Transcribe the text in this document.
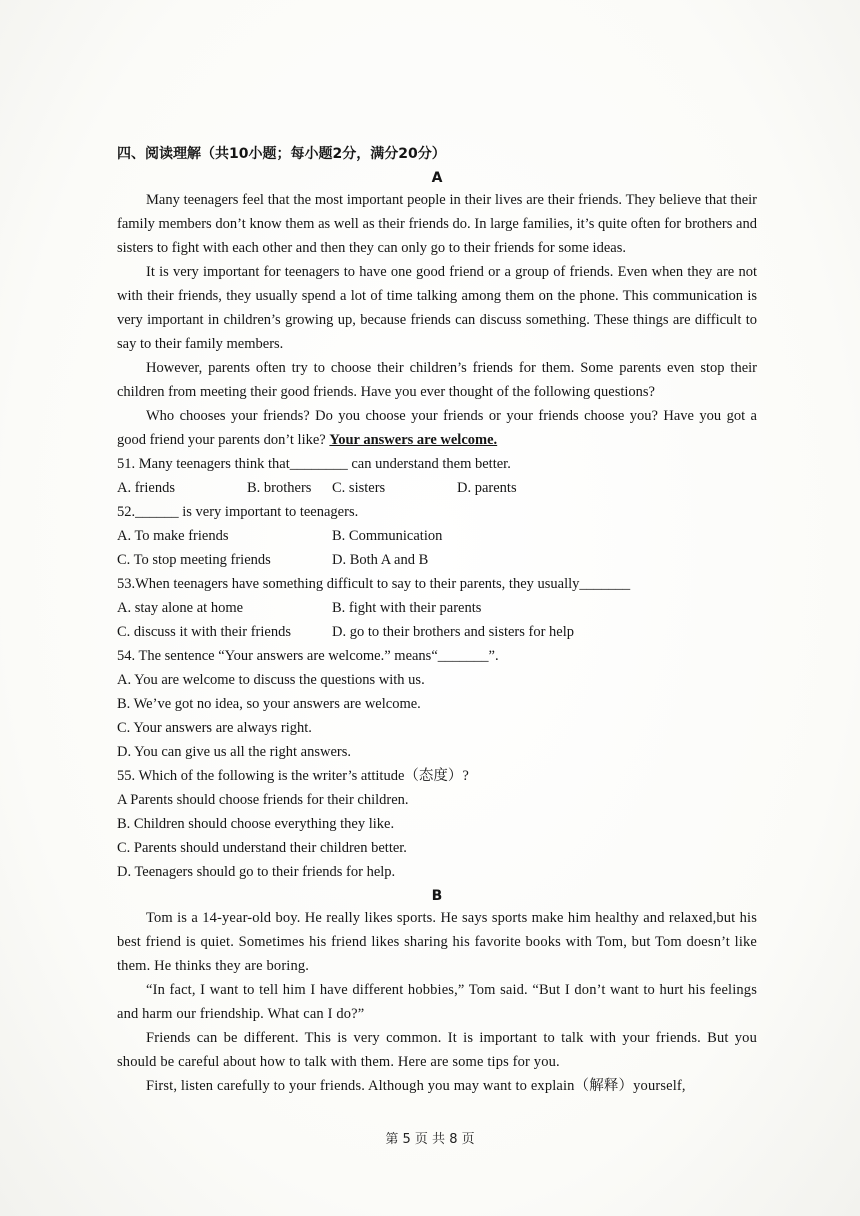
四、阅读理解（共10小题；每小题2分，满分20分）
A

Many teenagers feel that the most important people in their lives are their friends. They believe that their family members don’t know them as well as their friends do. In large families, it’s quite often for brothers and sisters to fight with each other and then they can only go to their friends for some ideas.

It is very important for teenagers to have one good friend or a group of friends. Even when they are not with their friends, they usually spend a lot of time talking among them on the phone. This communication is very important in children’s growing up, because friends can discuss something. These things are difficult to say to their family members.

However, parents often try to choose their children’s friends for them. Some parents even stop their children from meeting their good friends. Have you ever thought of the following questions?

Who chooses your friends? Do you choose your friends or your friends choose you? Have you got a good friend your parents don’t like? Your answers are welcome.

51. Many teenagers think that________ can understand them better.
A. friends	B. brothers	C. sisters	D. parents
52.______ is very important to teenagers.
A. To make friends	B. Communication
C. To stop meeting friends	D. Both A and B
53.When teenagers have something difficult to say to their parents, they usually_______
A. stay alone at home	B. fight with their parents
C. discuss it with their friends	D. go to their brothers and sisters for help
54. The sentence “Your answers are welcome.” means“_______”.
A. You are welcome to discuss the questions with us.
B. We’ve got no idea, so your answers are welcome.
C. Your answers are always right.
D. You can give us all the right answers.
55. Which of the following is the writer’s attitude（态度）?
A Parents should choose friends for their children.
B. Children should choose everything they like.
C. Parents should understand their children better.
D. Teenagers should go to their friends for help.
B

Tom is a 14-year-old boy. He really likes sports. He says sports make him healthy and relaxed,but his best friend is quiet. Sometimes his friend likes sharing his favorite books with Tom, but Tom doesn’t like them. He thinks they are boring.

“In fact, I want to tell him I have different hobbies,” Tom said. “But I don’t want to hurt his feelings and harm our friendship. What can I do?”

Friends can be different. This is very common. It is important to talk with your friends. But you should be careful about how to talk with them. Here are some tips for you.

First, listen carefully to your friends. Although you may want to explain（解释）yourself,

第 5 页 共 8 页
